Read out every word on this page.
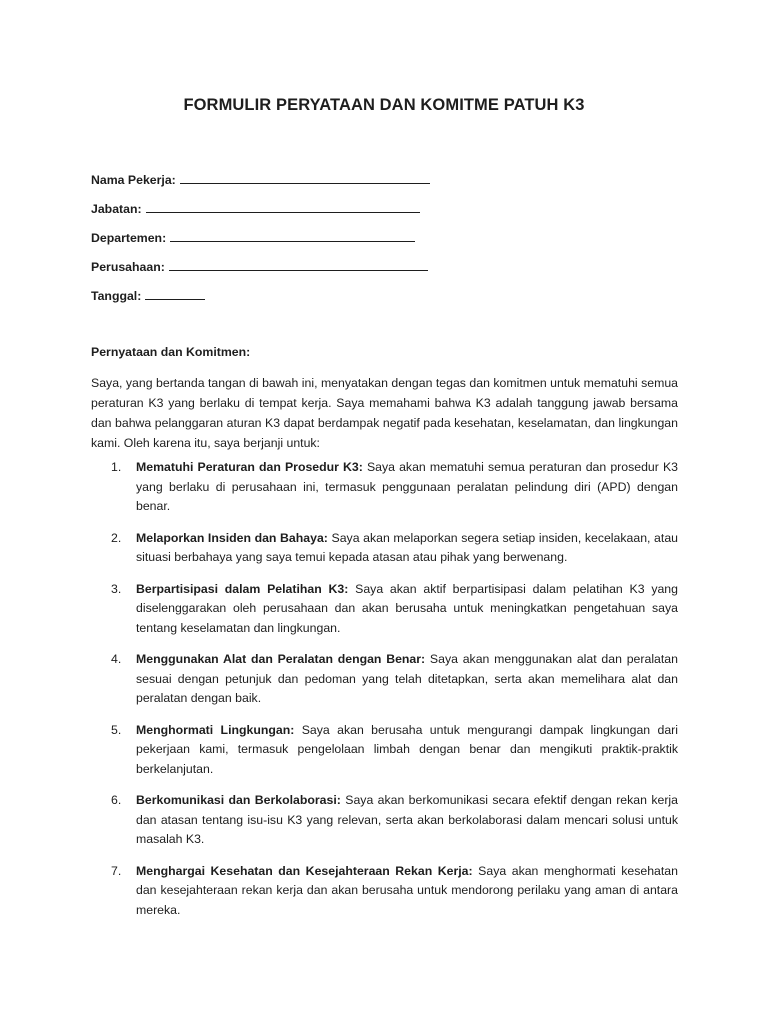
FORMULIR PERYATAAN DAN KOMITME PATUH K3
Nama Pekerja:
Jabatan:
Departemen:
Perusahaan:
Tanggal:
Pernyataan dan Komitmen:
Saya, yang bertanda tangan di bawah ini, menyatakan dengan tegas dan komitmen untuk mematuhi semua peraturan K3 yang berlaku di tempat kerja. Saya memahami bahwa K3 adalah tanggung jawab bersama dan bahwa pelanggaran aturan K3 dapat berdampak negatif pada kesehatan, keselamatan, dan lingkungan kami. Oleh karena itu, saya berjanji untuk:
1. Mematuhi Peraturan dan Prosedur K3: Saya akan mematuhi semua peraturan dan prosedur K3 yang berlaku di perusahaan ini, termasuk penggunaan peralatan pelindung diri (APD) dengan benar.
2. Melaporkan Insiden dan Bahaya: Saya akan melaporkan segera setiap insiden, kecelakaan, atau situasi berbahaya yang saya temui kepada atasan atau pihak yang berwenang.
3. Berpartisipasi dalam Pelatihan K3: Saya akan aktif berpartisipasi dalam pelatihan K3 yang diselenggarakan oleh perusahaan dan akan berusaha untuk meningkatkan pengetahuan saya tentang keselamatan dan lingkungan.
4. Menggunakan Alat dan Peralatan dengan Benar: Saya akan menggunakan alat dan peralatan sesuai dengan petunjuk dan pedoman yang telah ditetapkan, serta akan memelihara alat dan peralatan dengan baik.
5. Menghormati Lingkungan: Saya akan berusaha untuk mengurangi dampak lingkungan dari pekerjaan kami, termasuk pengelolaan limbah dengan benar dan mengikuti praktik-praktik berkelanjutan.
6. Berkomunikasi dan Berkolaborasi: Saya akan berkomunikasi secara efektif dengan rekan kerja dan atasan tentang isu-isu K3 yang relevan, serta akan berkolaborasi dalam mencari solusi untuk masalah K3.
7. Menghargai Kesehatan dan Kesejahteraan Rekan Kerja: Saya akan menghormati kesehatan dan kesejahteraan rekan kerja dan akan berusaha untuk mendorong perilaku yang aman di antara mereka.
